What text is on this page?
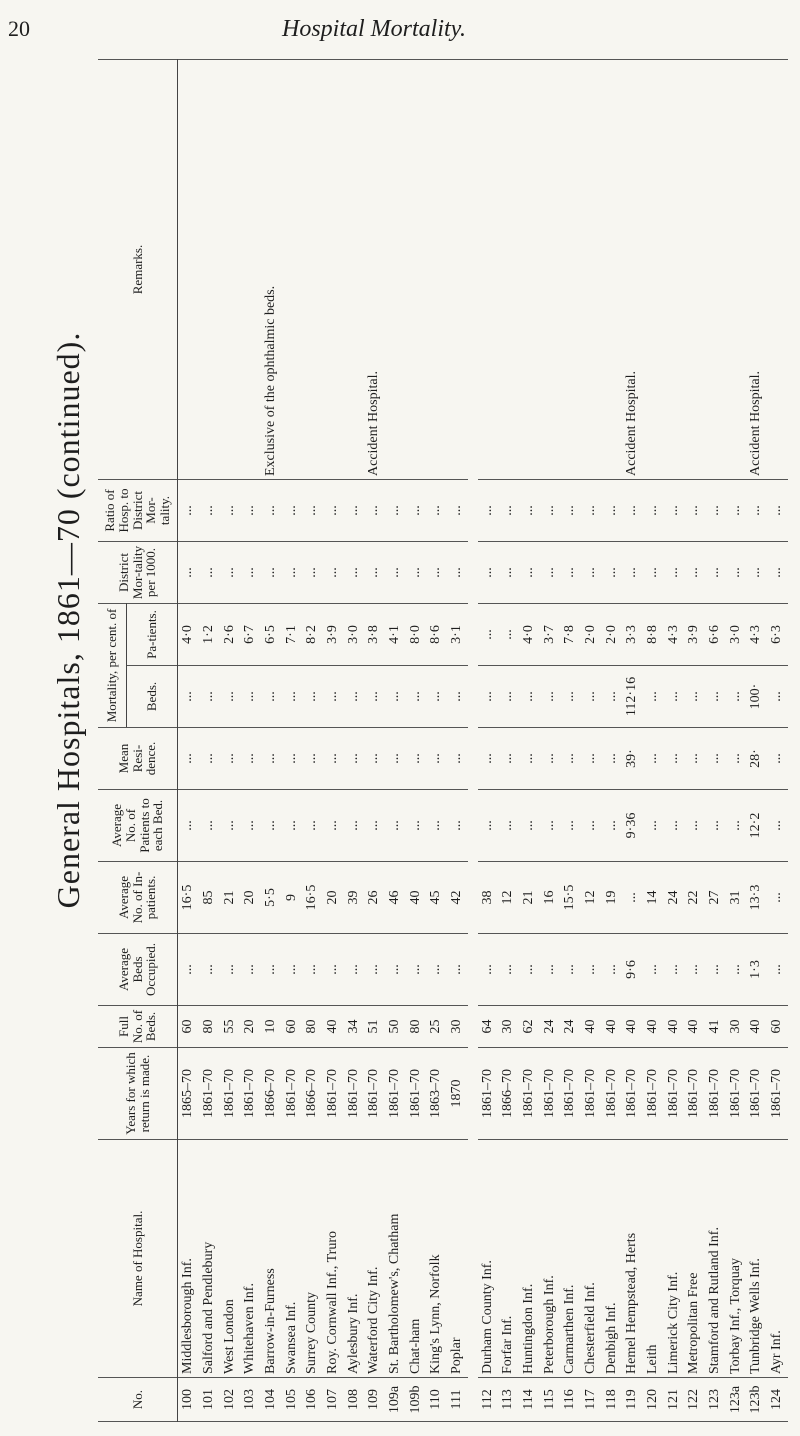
20	Hospital Mortality.
General Hospitals, 1861—70 (continued).
No.	Name of Hospital.	Years for which return is made.	Full No. of Beds.	Average Beds Occupied.	Average No. of In-patients.	Average No. of Patients to each Bed.	Mean Resi-dence.	Mortality, per cent. of		District Mor-tality per 1000.	Ratio of Hosp. to District Mor-tality.	Remarks.
								Beds.	Pa-tients.			
100	Middlesborough Inf.	1865–70	60	...	16·5	...	...	...	4·0	...	...	
101	Salford and Pendlebury	1861–70	80	...	85	...	...	...	1·2	...	...	
102	West London	1861–70	55	...	21	...	...	...	2·6	...	...	
103	Whitehaven Inf.	1861–70	20	...	20	...	...	...	6·7	...	...	
104	Barrow-in-Furness	1866–70	10	...	5·5	...	...	...	6·5	...	...	Exclusive of the ophthalmic beds.
105	Swansea Inf.	1861–70	60	...	9	...	...	...	7·1	...	...	
106	Surrey County	1866–70	80	...	16·5	...	...	...	8·2	...	...	
107	Roy. Cornwall Inf., Truro	1861–70	40	...	20	...	...	...	3·9	...	...	
108	Aylesbury Inf.	1861–70	34	...	39	...	...	...	3·0	...	...	
109	Waterford City Inf.	1861–70	51	...	26	...	...	...	3·8	...	...	Accident Hospital.
109a	St. Bartholomew's, Chatham	1861–70	50	...	46	...	...	...	4·1	...	...	
109b	Chat-ham	1861–70	80	...	40	...	...	...	8·0	...	...	
110	King's Lynn, Norfolk	1863–70	25	...	45	...	...	...	8·6	...	...	
111	Poplar	1870	30	...	42	...	...	...	3·1	...	...	

112	Durham County Inf.	1861–70	64	...	38	...	...	...	...	...	...	
113	Forfar Inf.	1866–70	30	...	12	...	...	...	...	...	...	
114	Huntingdon Inf.	1861–70	62	...	21	...	...	...	4·0	...	...	
115	Peterborough Inf.	1861–70	24	...	16	...	...	...	3·7	...	...	
116	Carmarthen Inf.	1861–70	24	...	15·5	...	...	...	7·8	...	...	
117	Chesterfield Inf.	1861–70	40	...	12	...	...	...	2·0	...	...	
118	Denbigh Inf.	1861–70	40	...	19	...	...	...	2·0	...	...	
119	Hemel Hempstead, Herts	1861–70	40	9·6	...	9·36	39·	112·16	3·3	...	...	Accident Hospital.
120	Leith	1861–70	40	...	14	...	...	...	8·8	...	...	
121	Limerick City Inf.	1861–70	40	...	24	...	...	...	4·3	...	...	
122	Metropolitan Free	1861–70	40	...	22	...	...	...	3·9	...	...	
123	Stamford and Rutland Inf.	1861–70	41	...	27	...	...	...	6·6	...	...	
123a	Torbay Inf., Torquay	1861–70	30	...	31	...	...	...	3·0	...	...	
123b	Tunbridge Wells Inf.	1861–70	40	1·3	13·3	12·2	28·	100·	4·3	...	...	Accident Hospital.
124	Ayr Inf.	1861–70	60	...	...	...	...	...	6·3	...	...	
